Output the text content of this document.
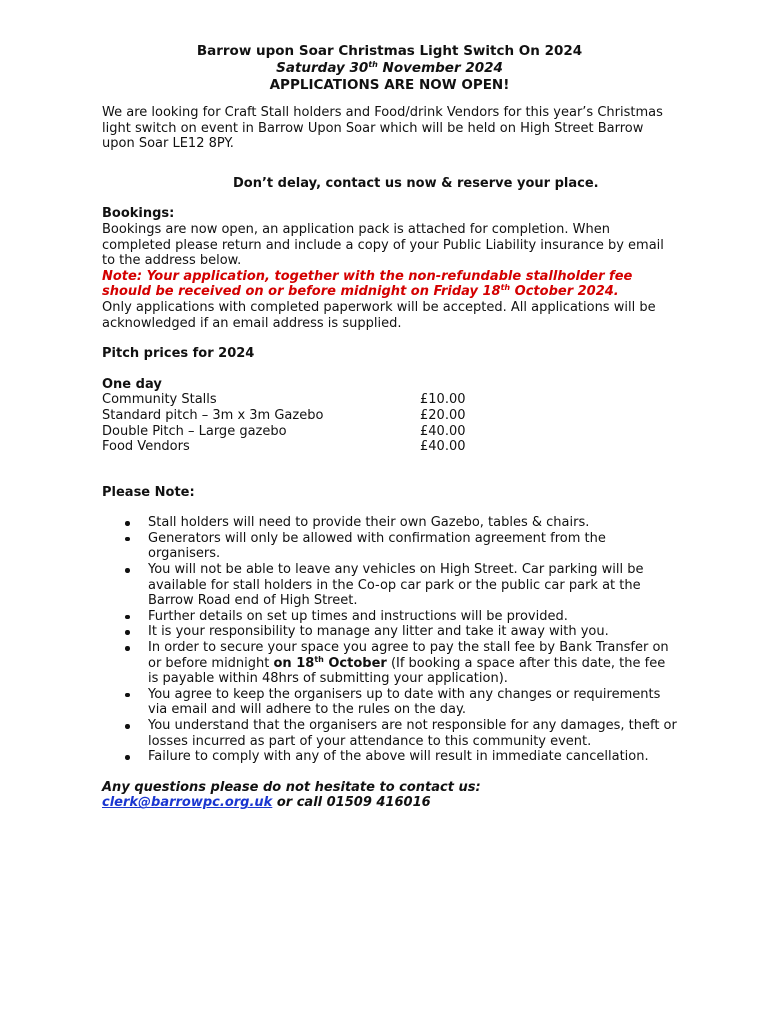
Barrow upon Soar Christmas Light Switch On 2024
Saturday 30th November 2024
APPLICATIONS ARE NOW OPEN!

We are looking for Craft Stall holders and Food/drink Vendors for this year’s Christmas light switch on event in Barrow Upon Soar which will be held on High Street Barrow upon Soar LE12 8PY.

Don’t delay, contact us now & reserve your place.

Bookings:
Bookings are now open, an application pack is attached for completion. When completed please return and include a copy of your Public Liability insurance by email to the address below.
Note: Your application, together with the non-refundable stallholder fee should be received on or before midnight on Friday 18th October 2024.
Only applications with completed paperwork will be accepted. All applications will be acknowledged if an email address is supplied.
Pitch prices for 2024
One day
Community Stalls	£10.00
Standard pitch – 3m x 3m Gazebo	£20.00
Double Pitch – Large gazebo	£40.00
Food Vendors	£40.00
Please Note:
Stall holders will need to provide their own Gazebo, tables & chairs.
Generators will only be allowed with confirmation agreement from the organisers.
You will not be able to leave any vehicles on High Street. Car parking will be available for stall holders in the Co-op car park or the public car park at the Barrow Road end of High Street.
Further details on set up times and instructions will be provided.
It is your responsibility to manage any litter and take it away with you.
In order to secure your space you agree to pay the stall fee by Bank Transfer on or before midnight on 18th October (If booking a space after this date, the fee is payable within 48hrs of submitting your application).
You agree to keep the organisers up to date with any changes or requirements via email and will adhere to the rules on the day.
You understand that the organisers are not responsible for any damages, theft or losses incurred as part of your attendance to this community event.
Failure to comply with any of the above will result in immediate cancellation.
Any questions please do not hesitate to contact us:
clerk@barrowpc.org.uk or call 01509 416016
